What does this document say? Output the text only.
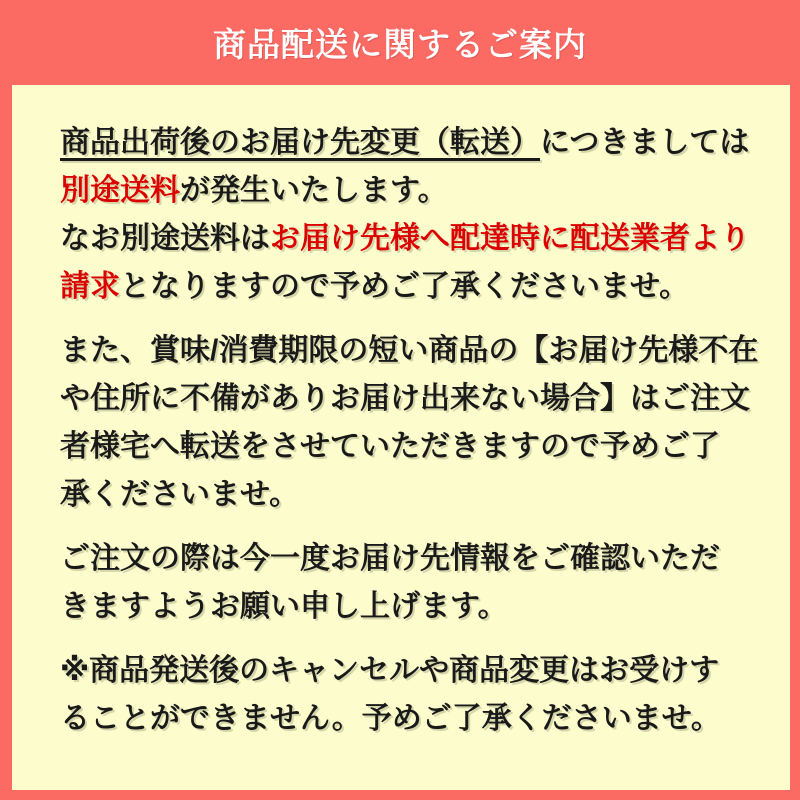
商品配送に関するご案内
商品出荷後のお届け先変更（転送）につきましては
別途送料が発生いたします。
なお別途送料はお届け先様へ配達時に配送業者より
請求となりますので予めご了承くださいませ。
また、賞味/消費期限の短い商品の【お届け先様不在
や住所に不備がありお届け出来ない場合】はご注文
者様宅へ転送をさせていただきますので予めご了
承くださいませ。
ご注文の際は今一度お届け先情報をご確認いただ
きますようお願い申し上げます。
※商品発送後のキャンセルや商品変更はお受けす
ることができません。予めご了承くださいませ。
